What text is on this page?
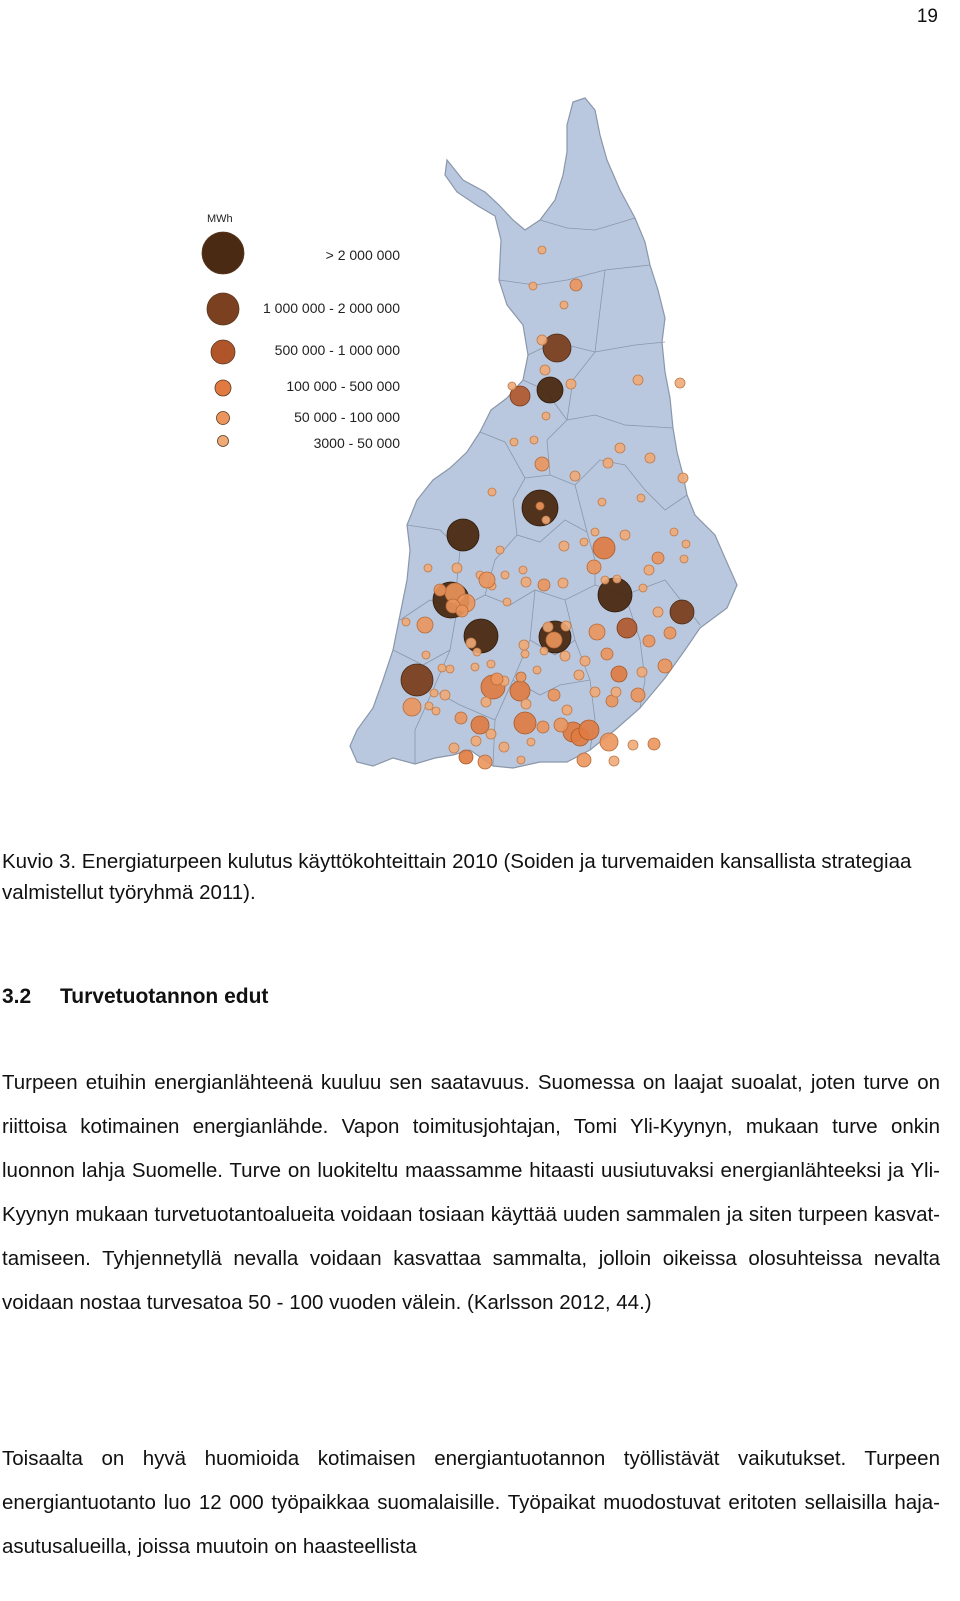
19
MWh
> 2 000 000
1 000 000 - 2 000 000
500 000 - 1 000 000
100 000 - 500 000
50 000 - 100 000
3000 - 50 000
Kuvio 3. Energiaturpeen kulutus käyttökohteittain 2010 (Soiden ja turvemaiden kansallista strategiaa valmistellut työryhmä 2011).
3.2 Turvetuotannon edut
Turpeen etuihin energianlähteenä kuuluu sen saatavuus. Suomessa on laajat suoalat, joten turve on riittoisa kotimainen energianlähde. Vapon toimitusjohtajan, Tomi Yli-Kyynyn, mukaan turve onkin luonnon lahja Suomelle. Turve on luokiteltu maassamme hitaasti uusiutuvaksi energianlähteeksi ja Yli-Kyynyn mukaan turvetuotantoalueita voidaan tosiaan käyttää uuden sammalen ja siten turpeen kasvattamiseen. Tyhjennetyllä nevalla voidaan kasvattaa sammalta, jolloin oikeissa olosuhteissa nevalta voidaan nostaa turvesatoa 50 - 100 vuoden välein. (Karlsson 2012, 44.)
Toisaalta on hyvä huomioida kotimaisen energiantuotannon työllistävät vaikutukset. Turpeen energiantuotanto luo 12 000 työpaikkaa suomalaisille. Työpaikat muodostuvat eritoten sellaisilla haja-asutusalueilla, joissa muutoin on haasteellista
